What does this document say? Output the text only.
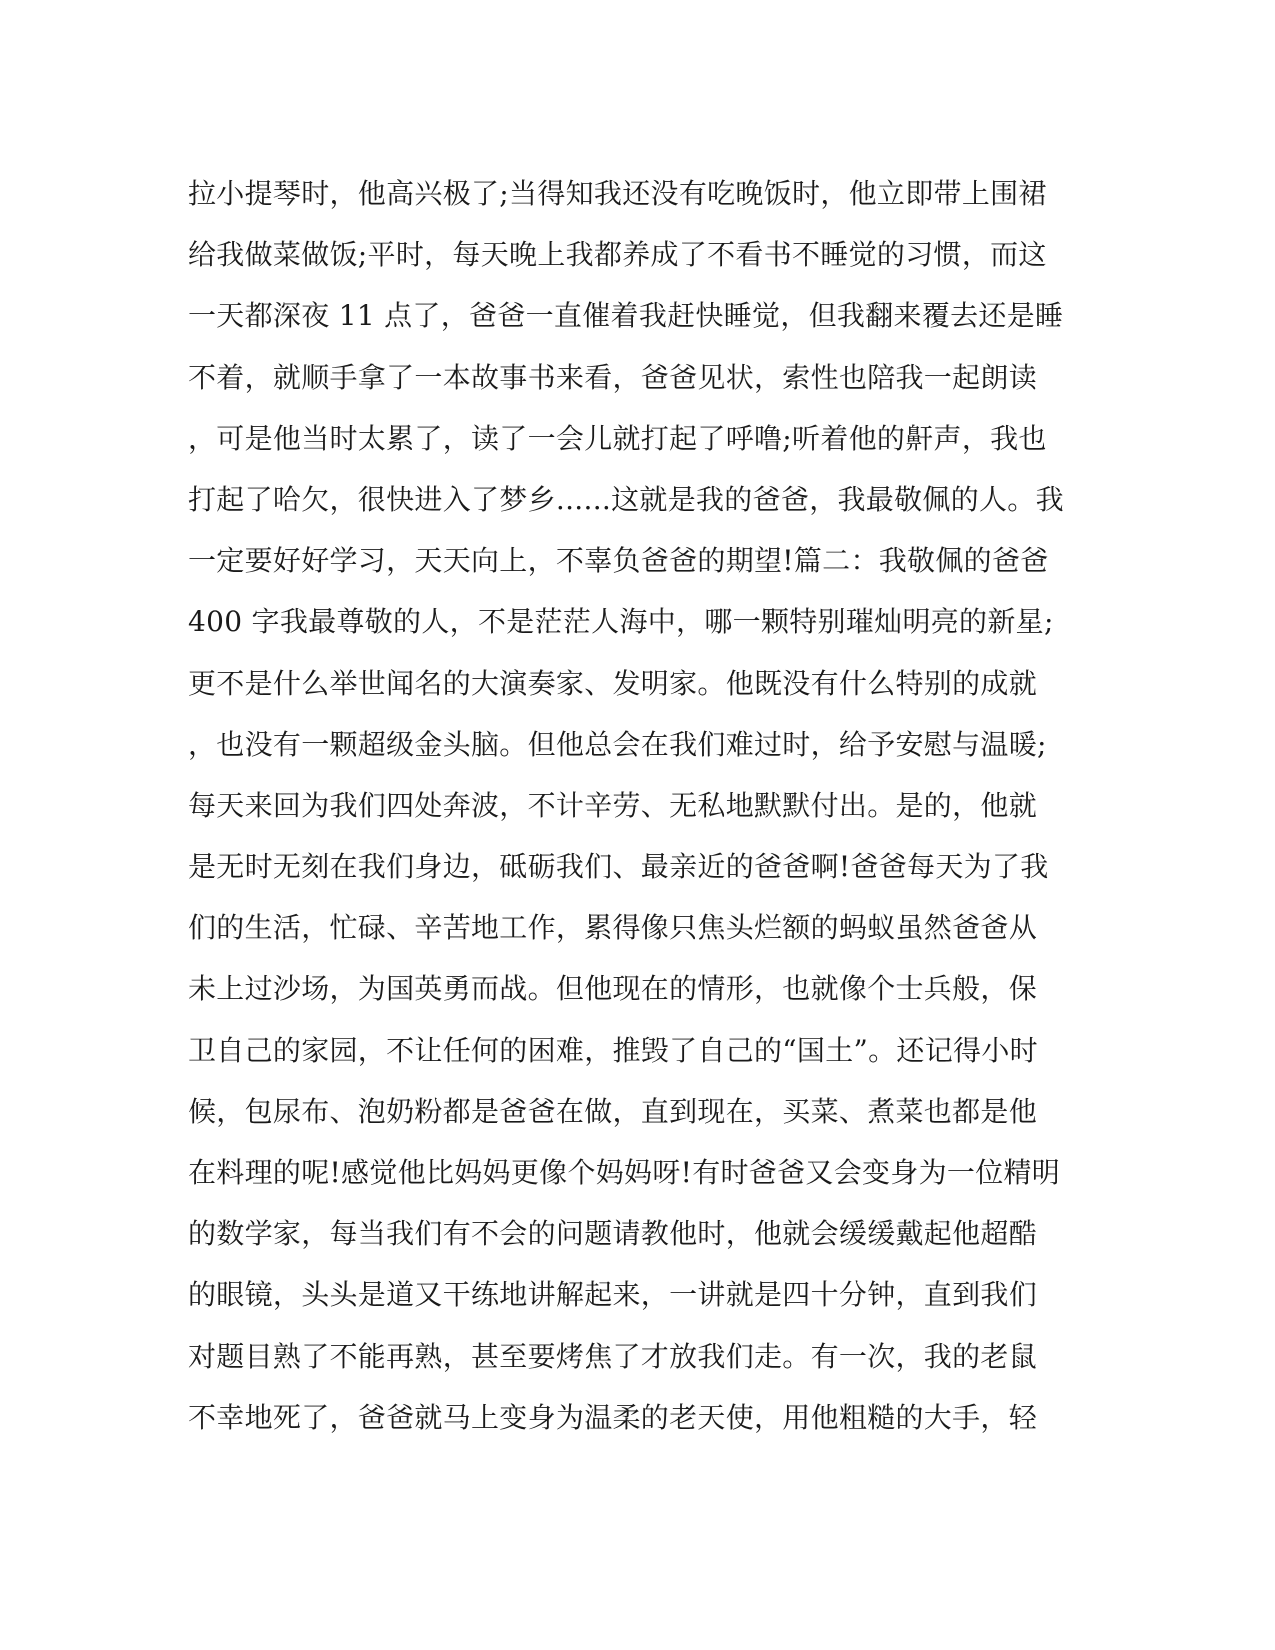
拉小提琴时，他高兴极了;当得知我还没有吃晚饭时，他立即带上围裙
给我做菜做饭;平时，每天晚上我都养成了不看书不睡觉的习惯，而这
一天都深夜 11 点了，爸爸一直催着我赶快睡觉，但我翻来覆去还是睡
不着，就顺手拿了一本故事书来看，爸爸见状，索性也陪我一起朗读
，可是他当时太累了，读了一会儿就打起了呼噜;听着他的鼾声，我也
打起了哈欠，很快进入了梦乡......这就是我的爸爸，我最敬佩的人。我
一定要好好学习，天天向上，不辜负爸爸的期望!篇二：我敬佩的爸爸
400 字我最尊敬的人，不是茫茫人海中，哪一颗特别璀灿明亮的新星;
更不是什么举世闻名的大演奏家、发明家。他既没有什么特别的成就
，也没有一颗超级金头脑。但他总会在我们难过时，给予安慰与温暖;
每天来回为我们四处奔波，不计辛劳、无私地默默付出。是的，他就
是无时无刻在我们身边，砥砺我们、最亲近的爸爸啊!爸爸每天为了我
们的生活，忙碌、辛苦地工作，累得像只焦头烂额的蚂蚁虽然爸爸从
未上过沙场，为国英勇而战。但他现在的情形，也就像个士兵般，保
卫自己的家园，不让任何的困难，推毁了自己的“国土”。还记得小时
候，包尿布、泡奶粉都是爸爸在做，直到现在，买菜、煮菜也都是他
在料理的呢!感觉他比妈妈更像个妈妈呀!有时爸爸又会变身为一位精明
的数学家，每当我们有不会的问题请教他时，他就会缓缓戴起他超酷
的眼镜，头头是道又干练地讲解起来，一讲就是四十分钟，直到我们
对题目熟了不能再熟，甚至要烤焦了才放我们走。有一次，我的老鼠
不幸地死了，爸爸就马上变身为温柔的老天使，用他粗糙的大手，轻
